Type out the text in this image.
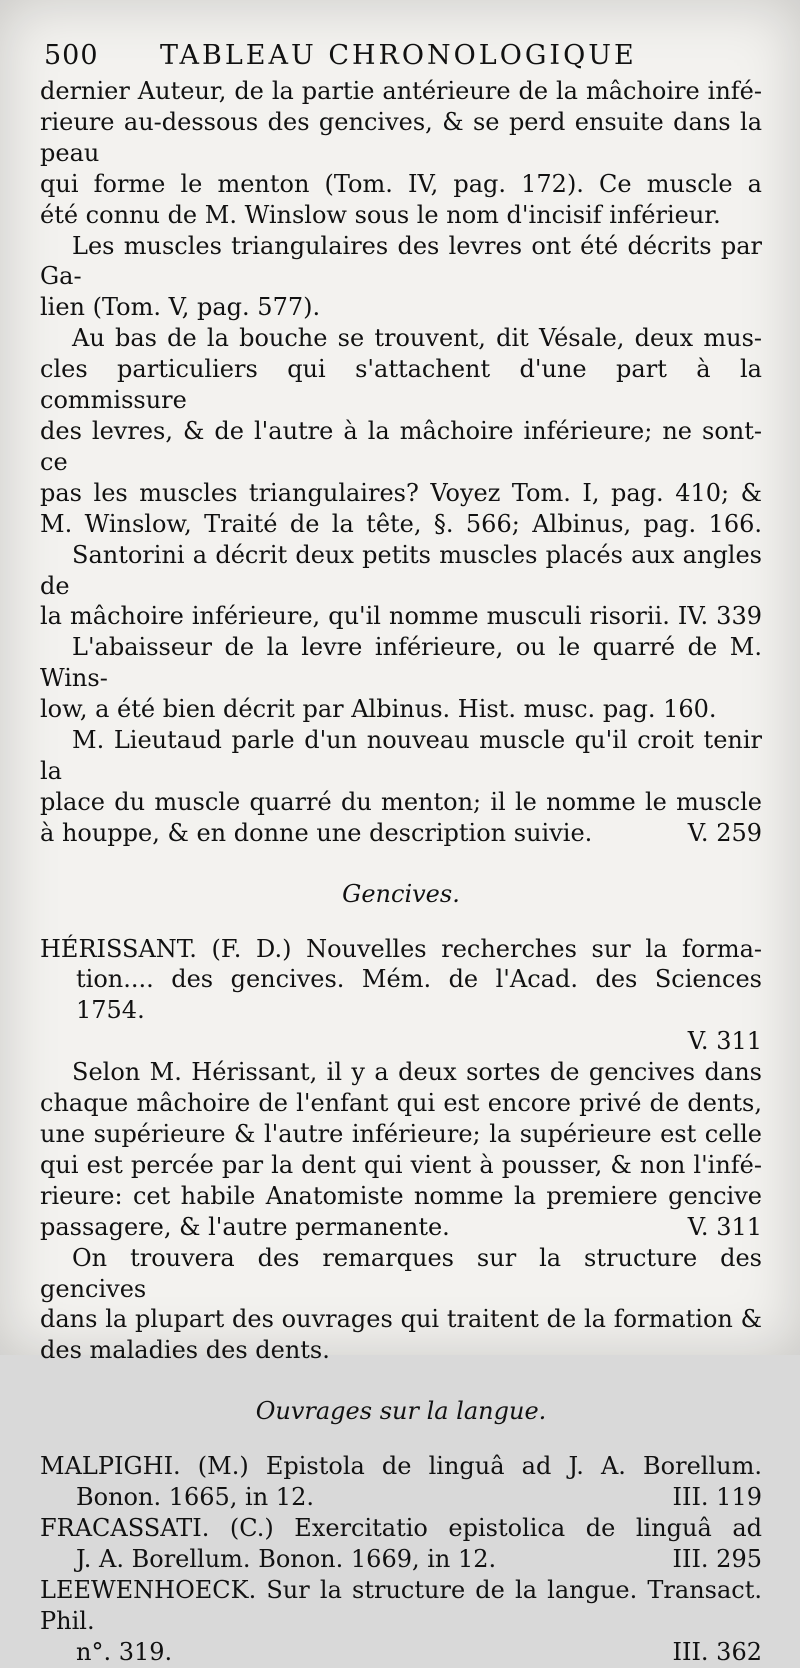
500 TABLEAU CHRONOLOGIQUE
dernier Auteur, de la partie antérieure de la mâchoire infé-
rieure au-dessous des gencives, & se perd ensuite dans la peau
qui forme le menton (Tom. IV, pag. 172). Ce muscle a
été connu de M. Winslow sous le nom d'incisif inférieur.
Les muscles triangulaires des levres ont été décrits par Ga-
lien (Tom. V, pag. 577).
Au bas de la bouche se trouvent, dit Vésale, deux mus-
cles particuliers qui s'attachent d'une part à la commissure
des levres, & de l'autre à la mâchoire inférieure; ne sont-ce
pas les muscles triangulaires? Voyez Tom. I, pag. 410; &
M. Winslow, Traité de la tête, §. 566; Albinus, pag. 166.
Santorini a décrit deux petits muscles placés aux angles de
la mâchoire inférieure, qu'il nomme musculi risorii. IV. 339
L'abaisseur de la levre inférieure, ou le quarré de M. Wins-
low, a été bien décrit par Albinus. Hist. musc. pag. 160.
M. Lieutaud parle d'un nouveau muscle qu'il croit tenir la
place du muscle quarré du menton; il le nomme le muscle
à houppe, & en donne une description suivie.	V. 259
Gencives.
HÉRISSANT. (F. D.) Nouvelles recherches sur la forma-
tion.... des gencives. Mém. de l'Acad. des Sciences 1754.
V. 311
Selon M. Hérissant, il y a deux sortes de gencives dans
chaque mâchoire de l'enfant qui est encore privé de dents,
une supérieure & l'autre inférieure; la supérieure est celle
qui est percée par la dent qui vient à pousser, & non l'infé-
rieure: cet habile Anatomiste nomme la premiere gencive
passagere, & l'autre permanente.	V. 311
On trouvera des remarques sur la structure des gencives
dans la plupart des ouvrages qui traitent de la formation &
des maladies des dents.
Ouvrages sur la langue.
MALPIGHI. (M.) Epistola de linguâ ad J. A. Borellum.
Bonon. 1665, in 12.	III. 119
FRACASSATI. (C.) Exercitatio epistolica de linguâ ad
J. A. Borellum. Bonon. 1669, in 12.	III. 295
LEEWENHOECK. Sur la structure de la langue. Transact. Phil.
n°. 319.	III. 362
